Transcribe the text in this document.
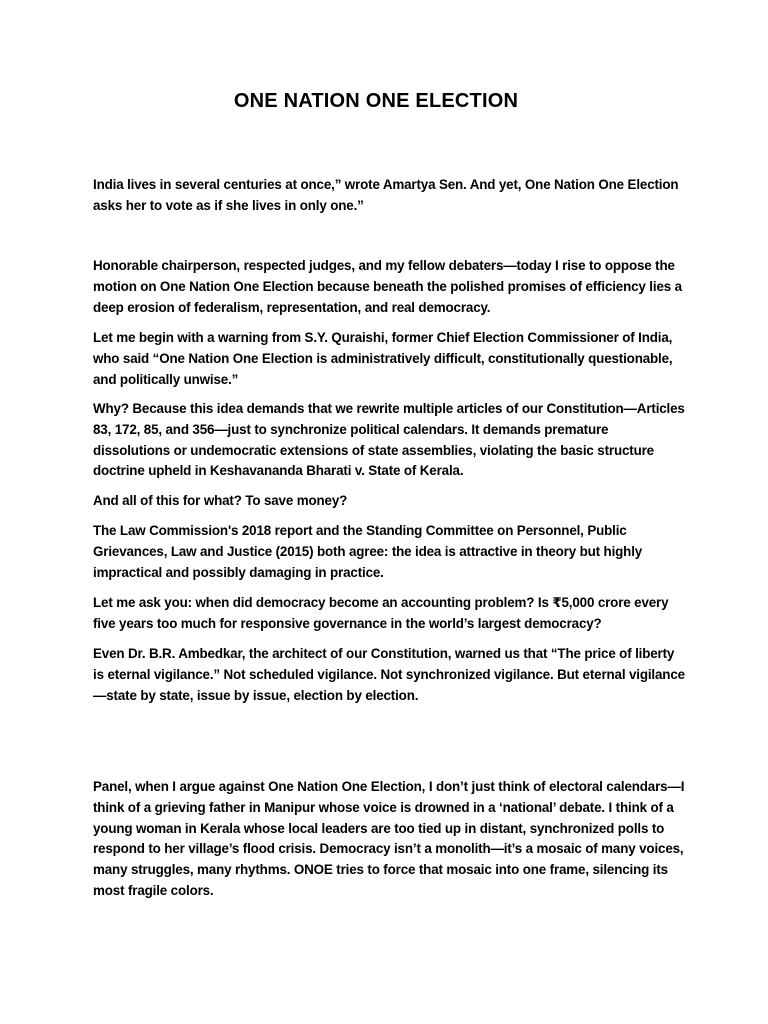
ONE NATION ONE ELECTION

India lives in several centuries at once,” wrote Amartya Sen. And yet, One Nation One Election asks her to vote as if she lives in only one.”

Honorable chairperson, respected judges, and my fellow debaters—today I rise to oppose the motion on One Nation One Election because beneath the polished promises of efficiency lies a deep erosion of federalism, representation, and real democracy.

Let me begin with a warning from S.Y. Quraishi, former Chief Election Commissioner of India, who said “One Nation One Election is administratively difficult, constitutionally questionable, and politically unwise.”

Why? Because this idea demands that we rewrite multiple articles of our Constitution—Articles 83, 172, 85, and 356—just to synchronize political calendars. It demands premature dissolutions or undemocratic extensions of state assemblies, violating the basic structure doctrine upheld in Keshavananda Bharati v. State of Kerala.

And all of this for what? To save money?

The Law Commission's 2018 report and the Standing Committee on Personnel, Public Grievances, Law and Justice (2015) both agree: the idea is attractive in theory but highly impractical and possibly damaging in practice.

Let me ask you: when did democracy become an accounting problem? Is ₹5,000 crore every five years too much for responsive governance in the world’s largest democracy?

Even Dr. B.R. Ambedkar, the architect of our Constitution, warned us that “The price of liberty is eternal vigilance.” Not scheduled vigilance. Not synchronized vigilance. But eternal vigilance—state by state, issue by issue, election by election.

Panel, when I argue against One Nation One Election, I don’t just think of electoral calendars—I think of a grieving father in Manipur whose voice is drowned in a ‘national’ debate. I think of a young woman in Kerala whose local leaders are too tied up in distant, synchronized polls to respond to her village’s flood crisis. Democracy isn’t a monolith—it’s a mosaic of many voices, many struggles, many rhythms. ONOE tries to force that mosaic into one frame, silencing its most fragile colors.
